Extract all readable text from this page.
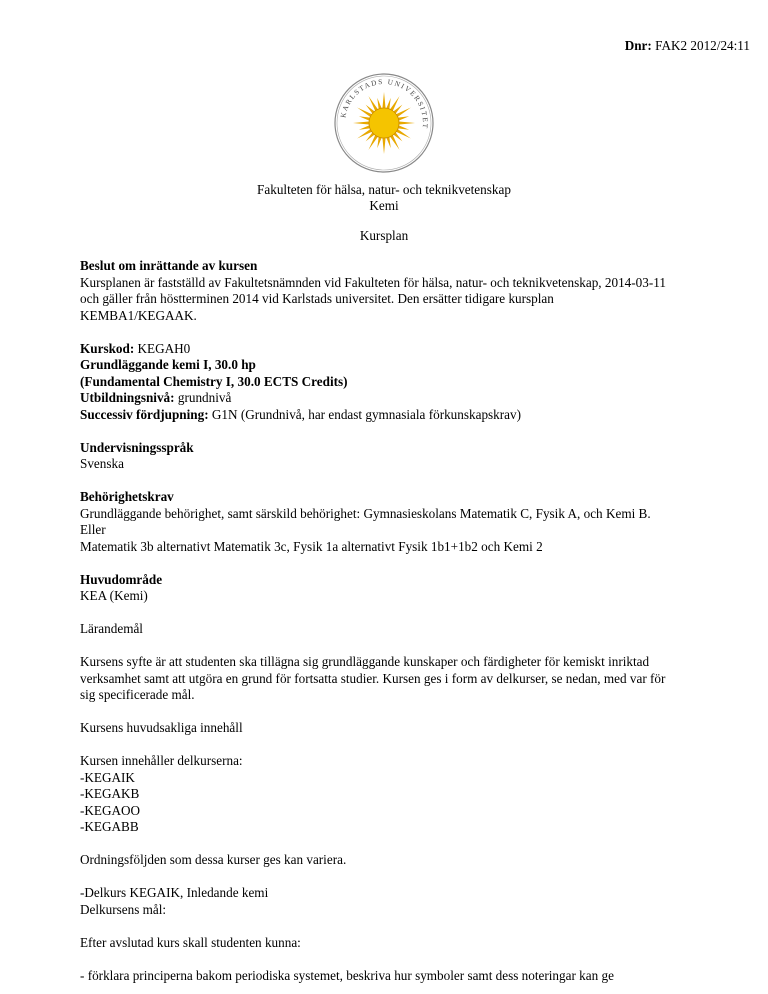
Dnr: FAK2 2012/24:11
KARLSTADS UNIVERSITET
Fakulteten för hälsa, natur- och teknikvetenskap
Kemi
Kursplan

Beslut om inrättande av kursen

Kursplanen är fastställd av Fakultetsnämnden vid Fakulteten för hälsa, natur- och teknikvetenskap, 2014-03-11

och gäller från höstterminen 2014 vid Karlstads universitet. Den ersätter tidigare kursplan

KEMBA1/KEGAAK.

Kurskod: KEGAH0

Grundläggande kemi I, 30.0 hp

(Fundamental Chemistry I, 30.0 ECTS Credits)

Utbildningsnivå: grundnivå

Successiv fördjupning: G1N (Grundnivå, har endast gymnasiala förkunskapskrav)

Undervisningsspråk

Svenska

Behörighetskrav

Grundläggande behörighet, samt särskild behörighet: Gymnasieskolans Matematik C, Fysik A, och Kemi B.

Eller

Matematik 3b alternativt Matematik 3c, Fysik 1a alternativt Fysik 1b1+1b2 och Kemi 2

Huvudområde

KEA (Kemi)

Lärandemål

Kursens syfte är att studenten ska tillägna sig grundläggande kunskaper och färdigheter för kemiskt inriktad

verksamhet samt att utgöra en grund för fortsatta studier. Kursen ges i form av delkurser, se nedan, med var för

sig specificerade mål.

Kursens huvudsakliga innehåll

Kursen innehåller delkurserna:

-KEGAIK

-KEGAKB

-KEGAOO

-KEGABB

Ordningsföljden som dessa kurser ges kan variera.

-Delkurs KEGAIK, Inledande kemi

Delkursens mål:

Efter avslutad kurs skall studenten kunna:

- förklara principerna bakom periodiska systemet, beskriva hur symboler samt dess noteringar kan ge
